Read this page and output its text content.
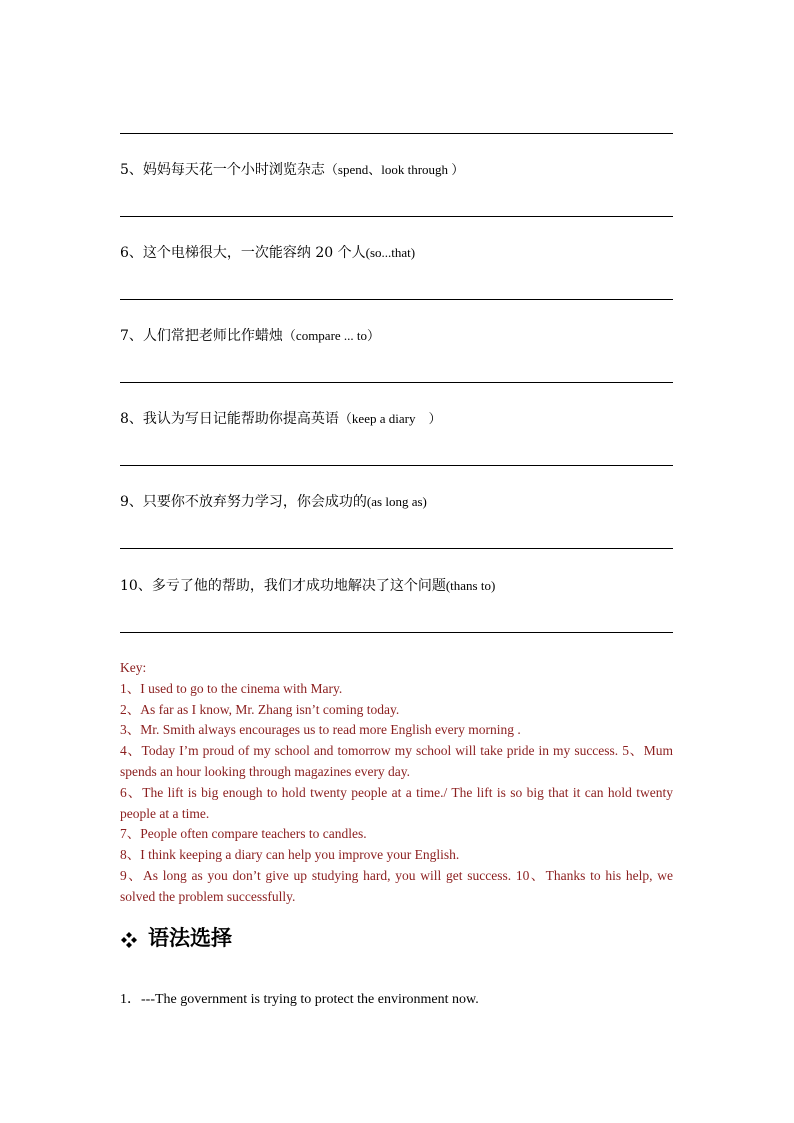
5、妈妈每天花一个小时浏览杂志（spend、look through ）
6、这个电梯很大，一次能容纳 20 个人(so...that)
7、人们常把老师比作蜡烛（compare ... to）
8、我认为写日记能帮助你提高英语（keep a diary　）
9、只要你不放弃努力学习，你会成功的(as long as)
10、多亏了他的帮助，我们才成功地解决了这个问题(thans to)
Key:
1、I used to go to the cinema with Mary.
2、As far as I know, Mr. Zhang isn’t coming today.
3、Mr. Smith always encourages us to read more English every morning .
4、Today I’m proud of my school and tomorrow my school will take pride in my success. 5、Mum spends an hour looking through magazines every day.
6、The lift is big enough to hold twenty people at a time./ The lift is so big that it can hold twenty people at a time.
7、People often compare teachers to candles.
8、I think keeping a diary can help you improve your English.
9、As long as you don’t give up studying hard, you will get success. 10、Thanks to his help, we solved the problem successfully.
语法选择
1．---The government is trying to protect the environment now.
